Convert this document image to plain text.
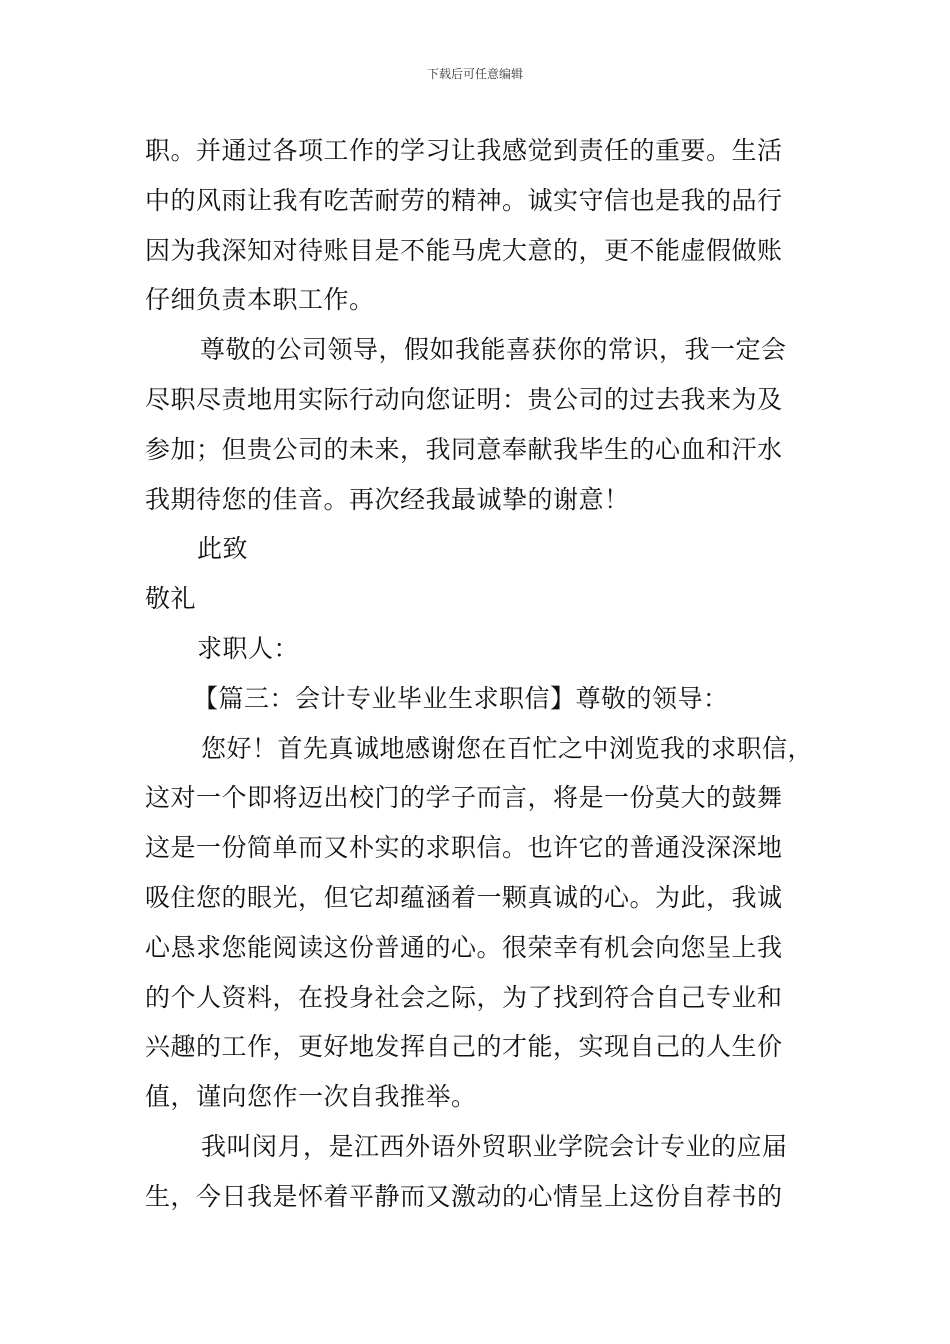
下载后可任意编辑
职。并通过各项工作的学习让我感觉到责任的重要。生活
中的风雨让我有吃苦耐劳的精神。诚实守信也是我的品行
因为我深知对待账目是不能马虎大意的，更不能虚假做账
仔细负责本职工作。
尊敬的公司领导，假如我能喜获你的常识，我一定会
尽职尽责地用实际行动向您证明：贵公司的过去我来为及
参加；但贵公司的未来，我同意奉献我毕生的心血和汗水
我期待您的佳音。再次经我最诚挚的谢意！
此致
敬礼
求职人：
【篇三：会计专业毕业生求职信】尊敬的领导：
您好！首先真诚地感谢您在百忙之中浏览我的求职信，
这对一个即将迈出校门的学子而言，将是一份莫大的鼓舞
这是一份简单而又朴实的求职信。也许它的普通没深深地
吸住您的眼光，但它却蕴涵着一颗真诚的心。为此，我诚
心恳求您能阅读这份普通的心。很荣幸有机会向您呈上我
的个人资料，在投身社会之际，为了找到符合自己专业和
兴趣的工作，更好地发挥自己的才能，实现自己的人生价
值，谨向您作一次自我推举。
我叫闵月，是江西外语外贸职业学院会计专业的应届
生，今日我是怀着平静而又激动的心情呈上这份自荐书的
